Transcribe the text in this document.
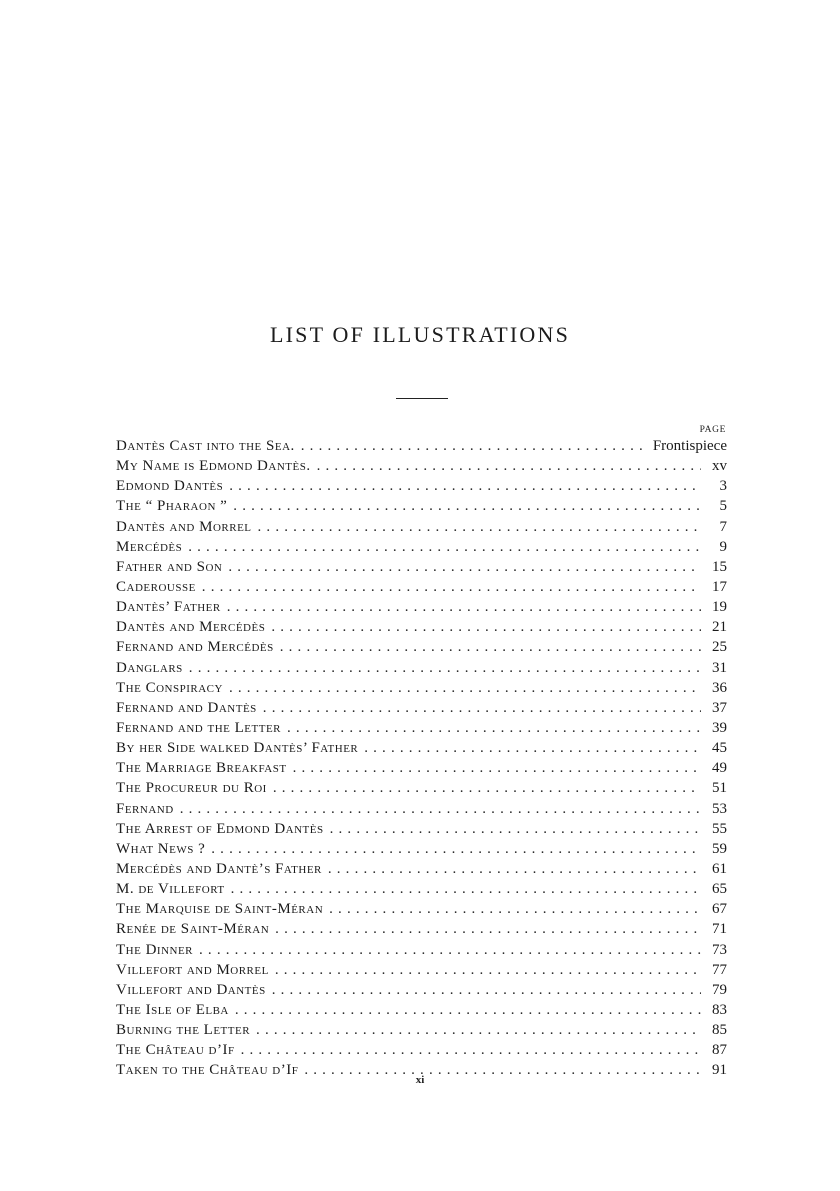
LIST OF ILLUSTRATIONS
PAGE
Dantès Cast into the Sea. . . .	Frontispiece
My Name is Edmond Dantès. . . .	xv
Edmond Dantès . . .	3
The “ Pharaon ” . . .	5
Dantès and Morrel . . .	7
Mercédès . . .	9
Father and Son . . .	15
Caderousse . . .	17
Dantès’ Father . . .	19
Dantès and Mercédès . . .	21
Fernand and Mercédès . . .	25
Danglars . . .	31
The Conspiracy . . .	36
Fernand and Dantès . . .	37
Fernand and the Letter . . .	39
By her Side walked Dantès’ Father . . .	45
The Marriage Breakfast . . .	49
The Procureur du Roi . . .	51
Fernand . . .	53
The Arrest of Edmond Dantès . . .	55
What News ? . . .	59
Mercédès and Dantè’s Father . . .	61
M. de Villefort . . .	65
The Marquise de Saint-Méran . . .	67
Renée de Saint-Méran . . .	71
The Dinner . . .	73
Villefort and Morrel . . .	77
Villefort and Dantès . . .	79
The Isle of Elba . . .	83
Burning the Letter . . .	85
The Château d’If . . .	87
Taken to the Château d’If . . .	91
xi
